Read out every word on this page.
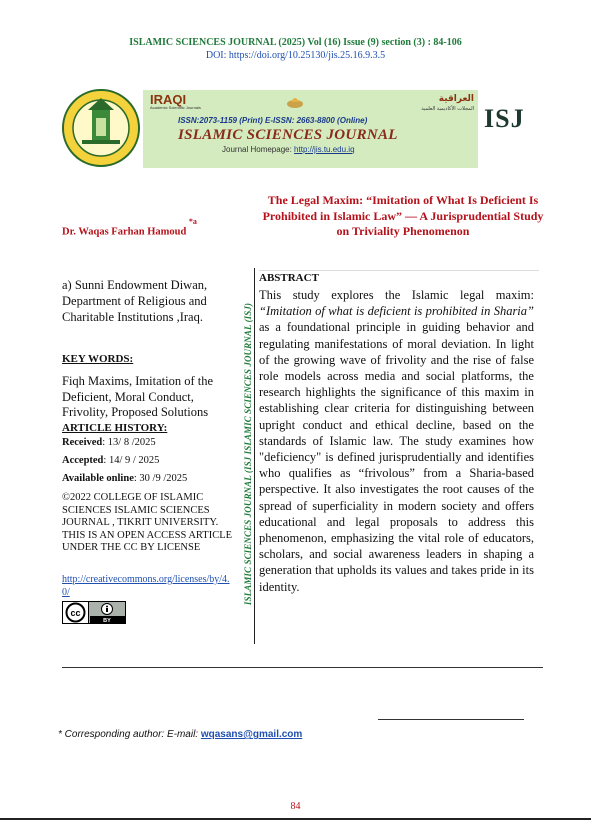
ISLAMIC SCIENCES JOURNAL (2025) Vol (16) Issue (9) section (3) : 84-106
DOI: https://doi.org/10.25130/jis.25.16.9.3.5
IRAQI
Academic Scientific Journals
العراقية
المجلات الأكاديمية العلمية
ISSN:2073-1159 (Print) E-ISSN: 2663-8800 (Online)
ISLAMIC SCIENCES JOURNAL
Journal Homepage: http://jis.tu.edu.iq
ISJ
The Legal Maxim: “Imitation of What Is Deficient Is Prohibited in Islamic Law” — A Jurisprudential Study on Triviality Phenomenon
Dr. Waqas Farhan Hamoud $^{*a}$
a) Sunni Endowment Diwan, Department of Religious and Charitable Institutions ,Iraq.
KEY WORDS:
Fiqh Maxims, Imitation of the Deficient, Moral Conduct, Frivolity, Proposed Solutions
ARTICLE HISTORY:
Received: 13/ 8 /2025
Accepted: 14/ 9 / 2025
Available online: 30 /9 /2025
©2022 COLLEGE OF ISLAMIC SCIENCES ISLAMIC SCIENCES JOURNAL , TIKRIT UNIVERSITY. THIS IS AN OPEN ACCESS ARTICLE UNDER THE CC BY LICENSE
http://creativecommons.org/licenses/by/4.0/
cc
BY
ISLAMIC SCIENCES JOURNAL (ISJ ISLAMIC SCIENCES JOURNAL (ISJ)
ABSTRACT
This study explores the Islamic legal maxim: “Imitation of what is deficient is prohibited in Sharia” as a foundational principle in guiding behavior and regulating manifestations of moral deviation. In light of the growing wave of frivolity and the rise of false role models across media and social platforms, the research highlights the significance of this maxim in establishing clear criteria for distinguishing between upright conduct and ethical decline, based on the standards of Islamic law. The study examines how "deficiency" is defined jurisprudentially and identifies who qualifies as “frivolous” from a Sharia-based perspective. It also investigates the root causes of the spread of superficiality in modern society and offers educational and legal proposals to address this phenomenon, emphasizing the vital role of educators, scholars, and social awareness leaders in shaping a generation that upholds its values and takes pride in its identity.
* Corresponding author: E-mail: wqasans@gmail.com
84
